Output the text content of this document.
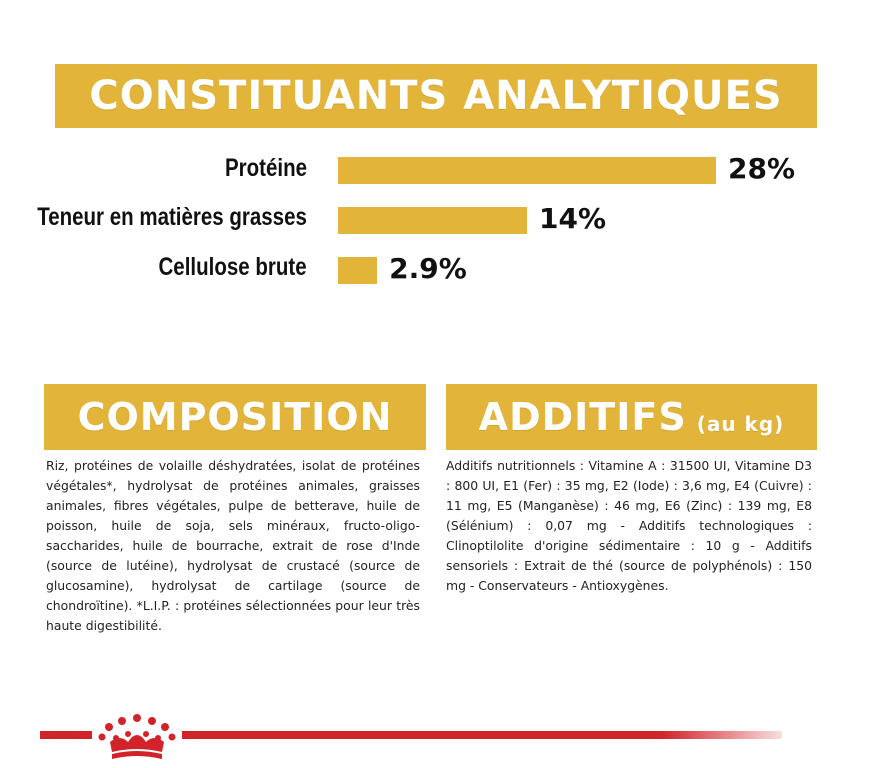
CONSTITUANTS ANALYTIQUES
Protéine	28%
Teneur en matières grasses	14%
Cellulose brute	2.9%
COMPOSITION
Riz, protéines de volaille déshydratées, isolat de protéines végétales*, hydrolysat de protéines animales, graisses animales, fibres végétales, pulpe de betterave, huile de poisson, huile de soja, sels minéraux, fructo-oligo-saccharides, huile de bourrache, extrait de rose d'Inde (source de lutéine), hydrolysat de crustacé (source de glucosamine), hydrolysat de cartilage (source de chondroïtine). *L.I.P. : protéines sélectionnées pour leur très haute digestibilité.
ADDITIFS (au kg)
Additifs nutritionnels : Vitamine A : 31500 UI, Vitamine D3 : 800 UI, E1 (Fer) : 35 mg, E2 (Iode) : 3,6 mg, E4 (Cuivre) : 11 mg, E5 (Manganèse) : 46 mg, E6 (Zinc) : 139 mg, E8 (Sélénium) : 0,07 mg - Additifs technologiques : Clinoptilolite d'origine sédimentaire : 10 g - Additifs sensoriels : Extrait de thé (source de polyphénols) : 150 mg - Conservateurs - Antioxygènes.
